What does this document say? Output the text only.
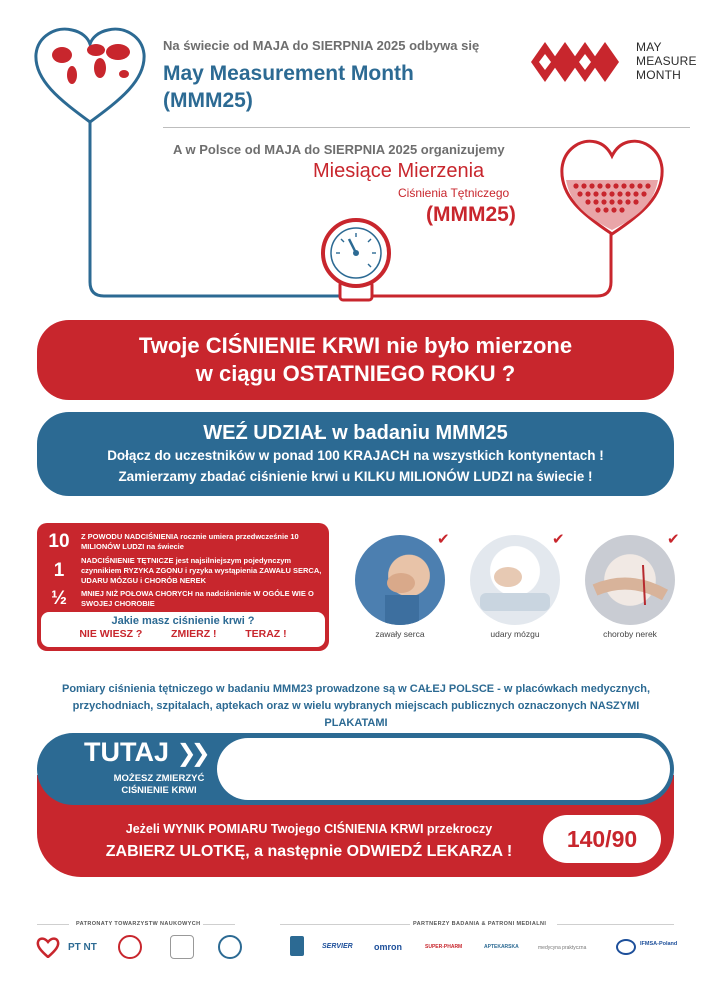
MAY
MEASURE
MONTH
Na świecie od MAJA do SIERPNIA 2025 odbywa się
May Measurement Month
(MMM25)
A w Polsce od MAJA do SIERPNIA 2025 organizujemy
Miesiące Mierzenia
Ciśnienia Tętniczego
(MMM25)
Twoje CIŚNIENIE KRWI nie było mierzone
w ciągu OSTATNIEGO ROKU ?
WEŹ UDZIAŁ w badaniu MMM25
Dołącz do uczestników w ponad 100 KRAJACH na wszystkich kontynentach !
Zamierzamy zbadać ciśnienie krwi u KILKU MILIONÓW LUDZI na świecie !
10	Z POWODU NADCIŚNIENIA rocznie umiera przedwcześnie 10 MILIONÓW LUDZI na świecie
1	NADCIŚNIENIE TĘTNICZE jest najsilniejszym pojedynczym czynnikiem RYZYKA ZGONU i ryzyka wystąpienia ZAWAŁU SERCA, UDARU MÓZGU i CHORÓB NEREK
½	MNIEJ NIŻ POŁOWA CHORYCH na nadciśnienie W OGÓLE WIE O SWOJEJ CHOROBIE
Jakie masz ciśnienie krwi ?
NIE WIESZ ?	ZMIERZ !	TERAZ !
✔	✔	✔
zawały serca	udary mózgu	choroby nerek
Pomiary ciśnienia tętniczego w badaniu MMM23 prowadzone są w CAŁEJ POLSCE - w placówkach medycznych,
przychodniach, szpitalach, aptekach oraz w wielu wybranych miejscach publicznych oznaczonych NASZYMI PLAKATAMI
TUTAJ ❯❯
MOŻESZ ZMIERZYĆ
CIŚNIENIE KRWI
Jeżeli WYNIK POMIARU Twojego CIŚNIENIA KRWI przekroczy
ZABIERZ ULOTKĘ, a następnie ODWIEDŹ LEKARZA !	140/90
PATRONATY TOWARZYSTW NAUKOWYCH	PARTNERZY BADANIA & PATRONI MEDIALNI
PT NT	SERVIER omron	SUPER-PHARM	APTEKARSKA	medycyna praktyczna
IFMSA-Poland
